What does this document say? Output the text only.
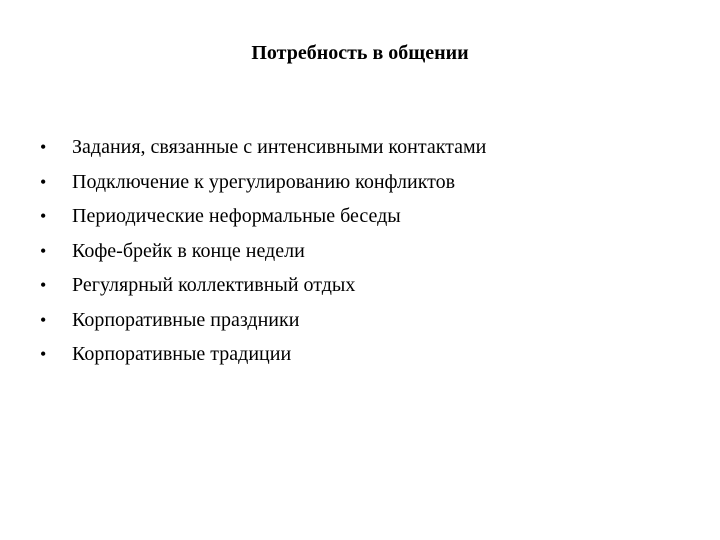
Потребность в общении
•	Задания, связанные с интенсивными контактами
•	Подключение к урегулированию конфликтов
•	Периодические неформальные беседы
•	Кофе-брейк в конце недели
•	Регулярный коллективный отдых
•	Корпоративные праздники
•	Корпоративные традиции
